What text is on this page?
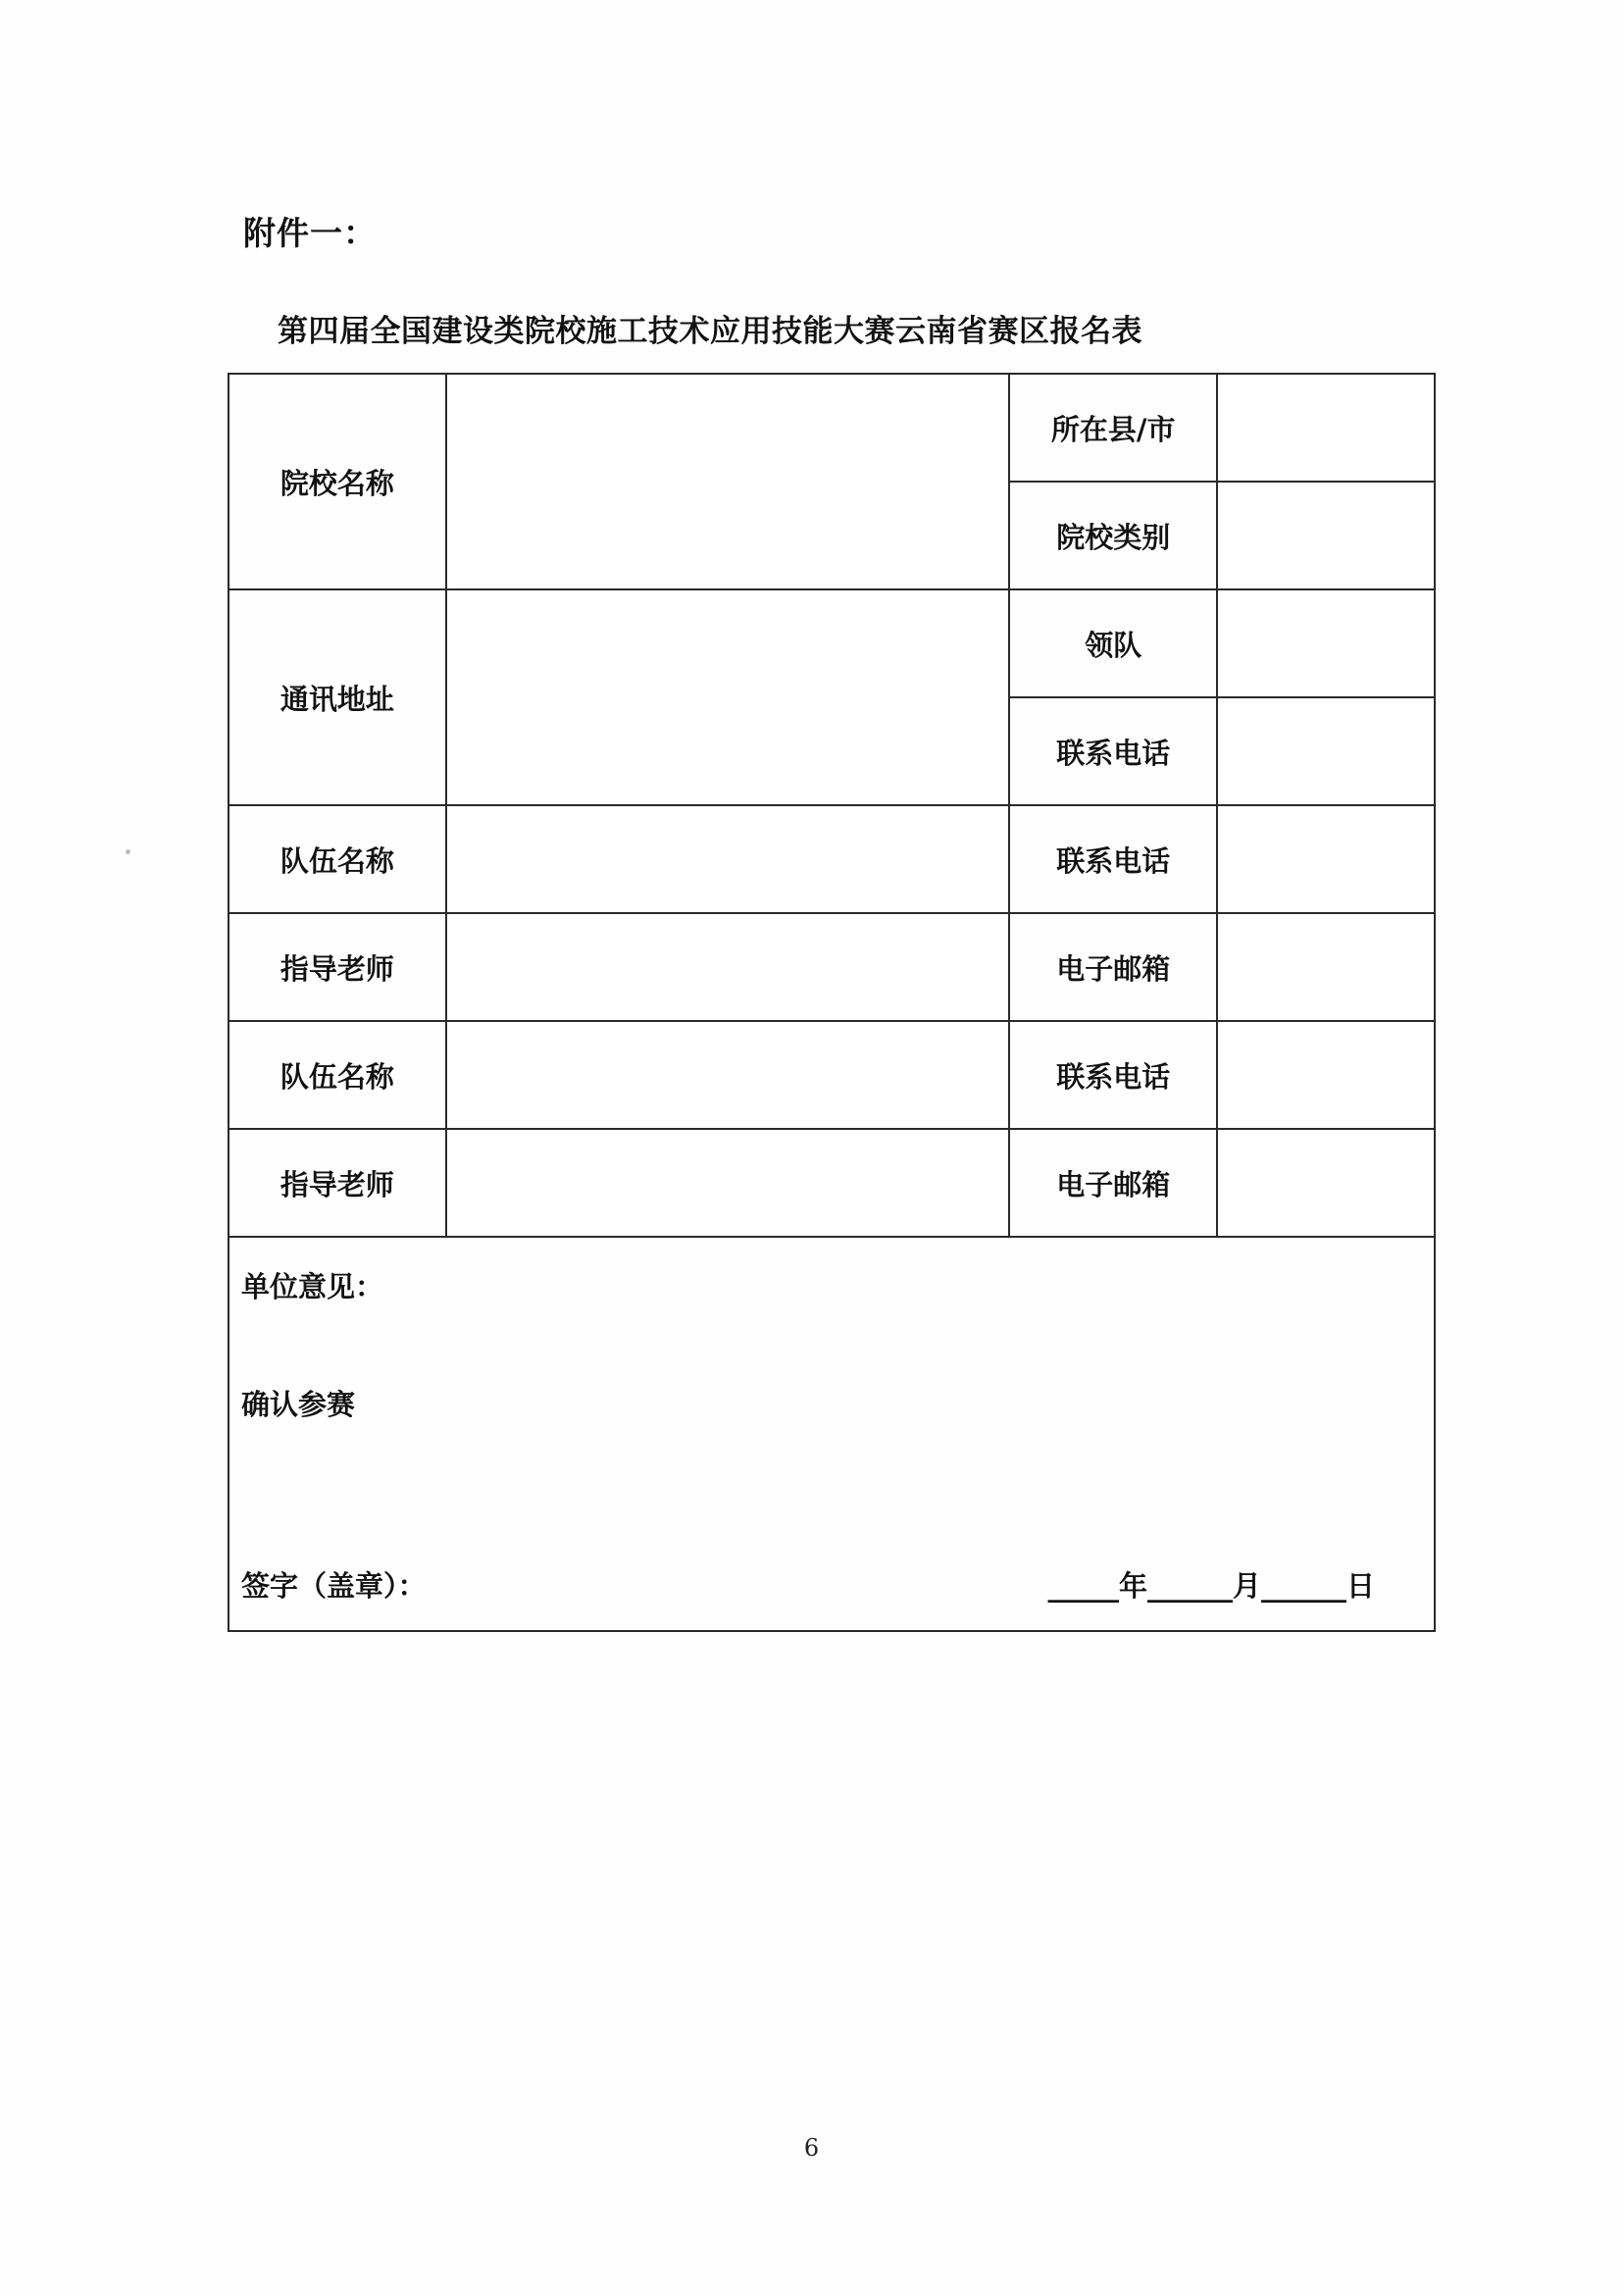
附件一：
第四届全国建设类院校施工技术应用技能大赛云南省赛区报名表
院校名称		所在县/市	
		院校类别	
通讯地址		领队	
		联系电话	
队伍名称		联系电话	
指导老师		电子邮箱	
队伍名称		联系电话	
指导老师		电子邮箱	

单位意见：
确认参赛
签字（盖章）： _____年______月______日			
6
